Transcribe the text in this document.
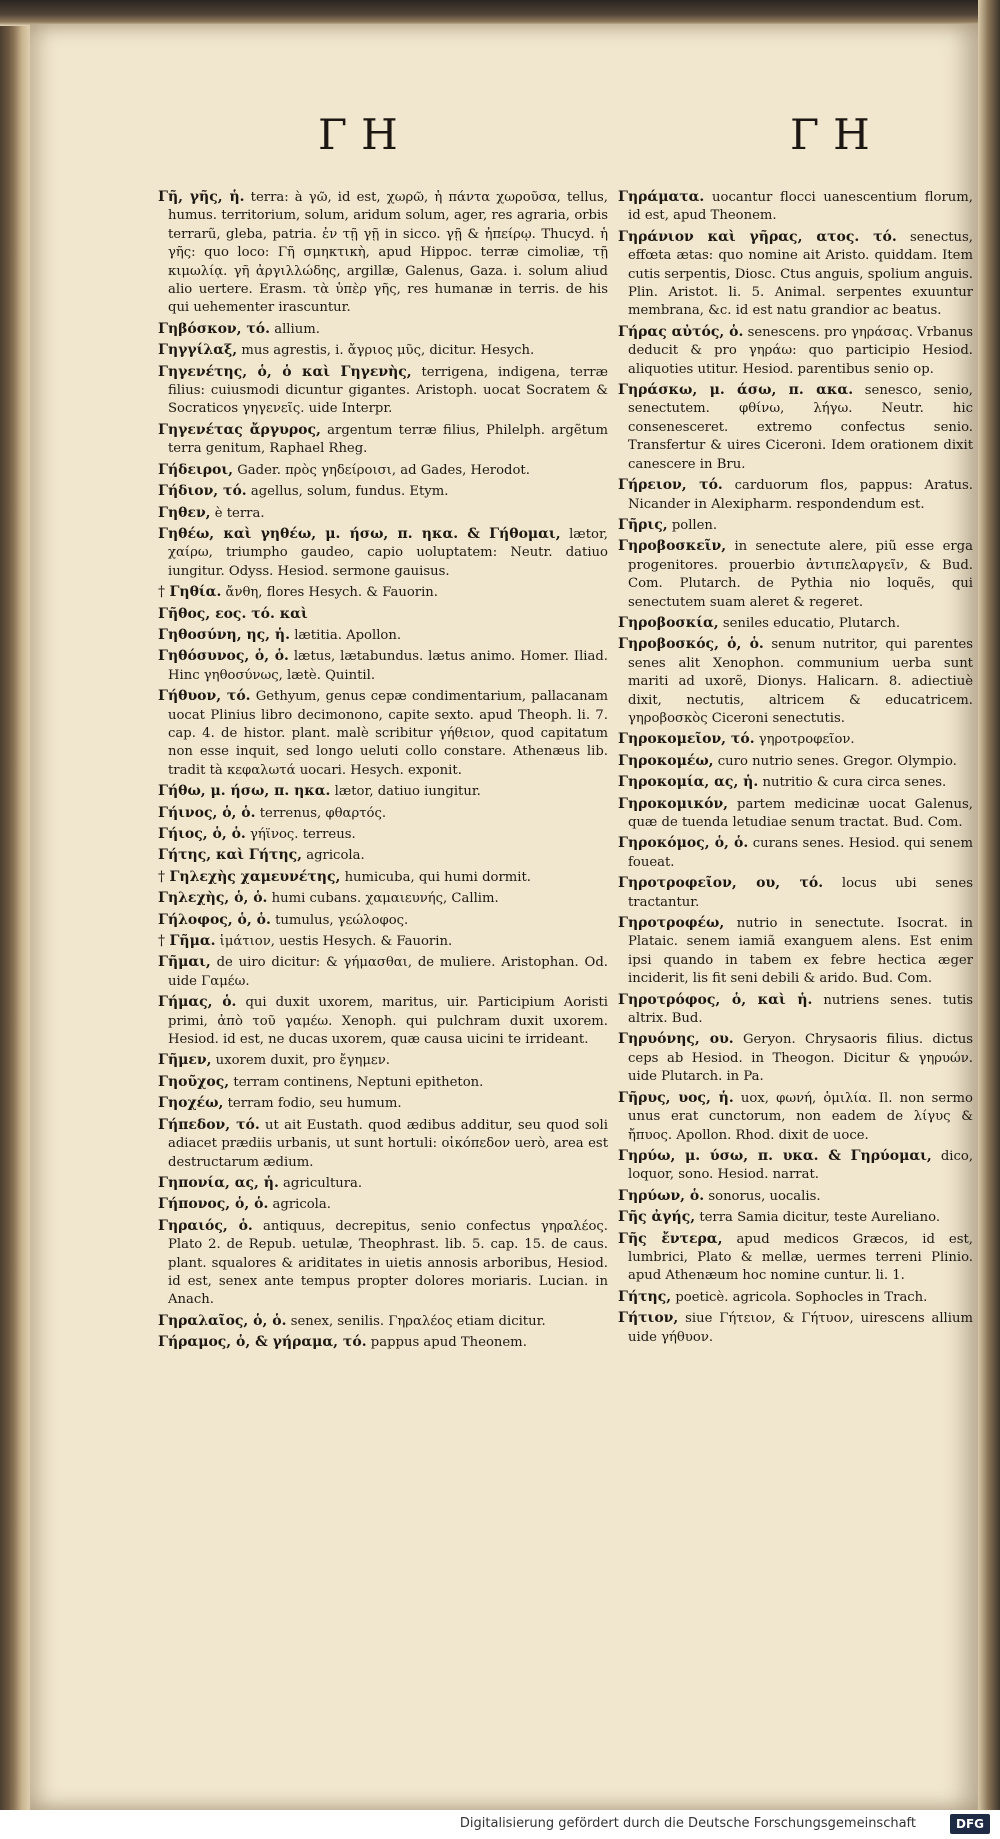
ΓΗ	ΓΗ

Γῆ, γῆς, ἡ. terra: à γῶ, id est, χωρῶ, ἡ πάντα χωροῦσα, tellus, humus. territorium, solum, aridum solum, ager, res agraria, orbis terrarũ, gleba, patria. ἐν τῇ γῇ in sicco. γῇ & ἠπείρῳ. Thucyd. ἡ γῆς: quo loco: Γῆ σμηκτικὴ, apud Hippoc. terræ cimoliæ, τῇ κιμωλίᾳ. γῆ ἀργιλλώδης, argillæ, Galenus, Gaza. i. solum aliud alio uertere. Erasm. τὰ ὑπὲρ γῆς, res humanæ in terris. de his qui uehementer irascuntur.

Γηβόσκον, τό. allium.

Γηγγίλαξ, mus agrestis, i. ἄγριος μῦς, dicitur. Hesych.

Γηγενέτης, ὁ, ὁ καὶ Γηγενὴς, terrigena, indigena, terræ filius: cuiusmodi dicuntur gigantes. Aristoph. uocat Socratem & Socraticos γηγενεῖς. uide Interpr.

Γηγενέτας ἄργυρος, argentum terræ filius, Philelph. argẽtum terra genitum, Raphael Rheg.

Γήδειροι, Gader. πρὸς γηδείροισι, ad Gades, Herodot.

Γήδιον, τό. agellus, solum, fundus. Etym.

Γηθεν, è terra.

Γηθέω, καὶ γηθέω, μ. ήσω, π. ηκα. & Γήθομαι, lætor, χαίρω, triumpho gaudeo, capio uoluptatem: Neutr. datiuo iungitur. Odyss. Hesiod. sermone gauisus.

† Γηθία. ἄνθη, flores Hesych. & Fauorin.

Γῆθος, εος. τό. καὶ

Γηθοσύνη, ης, ἡ. lætitia. Apollon.

Γηθόσυνος, ὁ, ὁ. lætus, lætabundus. lætus animo. Homer. Iliad. Hinc γηθοσύνως, lætè. Quintil.

Γήθυον, τό. Gethyum, genus cepæ condimentarium, pallacanam uocat Plinius libro decimonono, capite sexto. apud Theoph. li. 7. cap. 4. de histor. plant. malè scribitur γήθειον, quod capitatum non esse inquit, sed longo ueluti collo constare. Athenæus lib. tradit tà κεφαλωτά uocari. Hesych. exponit.

Γήθω, μ. ήσω, π. ηκα. lætor, datiuo iungitur.

Γήινος, ὁ, ὁ. terrenus, φθαρτός.

Γήιος, ὁ, ὁ. γήϊνος. terreus.

Γήτης, καὶ Γήτης, agricola.

† Γηλεχὴς χαμευνέτης, humicuba, qui humi dormit.

Γηλεχὴς, ὁ, ὁ. humi cubans. χαμαιευνής, Callim.

Γήλοφος, ὁ, ὁ. tumulus, γεώλοφος.

† Γῆμα. ἱμάτιον, uestis Hesych. & Fauorin.

Γῆμαι, de uiro dicitur: & γήμασθαι, de muliere. Aristophan. Od. uide Γαμέω.

Γήμας, ὁ. qui duxit uxorem, maritus, uir. Participium Aoristi primi, ἀπὸ τοῦ γαμέω. Xenoph. qui pulchram duxit uxorem. Hesiod. id est, ne ducas uxorem, quæ causa uicini te irrideant.

Γῆμεν, uxorem duxit, pro ἔγημεν.

Γηοῦχος, terram continens, Neptuni epitheton.

Γηοχέω, terram fodio, seu humum.

Γήπεδον, τό. ut ait Eustath. quod ædibus additur, seu quod soli adiacet prædiis urbanis, ut sunt hortuli: οἰκόπεδον uerò, area est destructarum ædium.

Γηπονία, ας, ἡ. agricultura.

Γήπονος, ὁ, ὁ. agricola.

Γηραιός, ὁ. antiquus, decrepitus, senio confectus γηραλέος. Plato 2. de Repub. uetulæ, Theophrast. lib. 5. cap. 15. de caus. plant. squalores & ariditates in uietis annosis arboribus, Hesiod. id est, senex ante tempus propter dolores moriaris. Lucian. in Anach.

Γηραλαῖος, ὁ, ὁ. senex, senilis. Γηραλέος etiam dicitur.

Γήραμος, ὁ, & γήραμα, τό. pappus apud Theonem.

Γηράματα. uocantur flocci uanescentium florum, id est, apud Theonem.

Γηράνιον καὶ γῆρας, ατος. τό. senectus, effœta ætas: quo nomine ait Aristo. quiddam. Item cutis serpentis, Diosc. Ctus anguis, spolium anguis. Plin. Aristot. li. 5. Animal. serpentes exuuntur membrana, &c. id est natu grandior ac beatus.

Γήρας αὐτός, ὁ. senescens. pro γηράσας. Vrbanus deducit & pro γηράω: quo participio Hesiod. aliquoties utitur. Hesiod. parentibus senio op.

Γηράσκω, μ. άσω, π. ακα. senesco, senio, senectutem. φθίνω, λήγω. Neutr. hic consenesceret. extremo confectus senio. Transfertur & uires Ciceroni. Idem orationem dixit canescere in Bru.

Γήρειον, τό. carduorum flos, pappus: Aratus. Nicander in Alexipharm. respondendum est.

Γῆρις, pollen.

Γηροβοσκεῖν, in senectute alere, piũ esse erga progenitores. prouerbio ἀντιπελαργεῖν, & Bud. Com. Plutarch. de Pythia nio loquẽs, qui senectutem suam aleret & regeret.

Γηροβοσκία, seniles educatio, Plutarch.

Γηροβοσκός, ὁ, ὁ. senum nutritor, qui parentes senes alit Xenophon. communium uerba sunt mariti ad uxorẽ, Dionys. Halicarn. 8. adiectiuè dixit, nectutis, altricem & educatricem. γηροβοσκὸς Ciceroni senectutis.

Γηροκομεῖον, τό. γηροτροφεῖον.

Γηροκομέω, curo nutrio senes. Gregor. Olympio.

Γηροκομία, ας, ἡ. nutritio & cura circa senes.

Γηροκομικόν, partem medicinæ uocat Galenus, quæ de tuenda letudiae senum tractat. Bud. Com.

Γηροκόμος, ὁ, ὁ. curans senes. Hesiod. qui senem foueat.

Γηροτροφεῖον, ου, τό. locus ubi senes tractantur.

Γηροτροφέω, nutrio in senectute. Isocrat. in Plataic. senem iamiã exanguem alens. Est enim ipsi quando in tabem ex febre hectica æger inciderit, lis fit seni debili & arido. Bud. Com.

Γηροτρόφος, ὁ, καὶ ἡ. nutriens senes. tutis altrix. Bud.

Γηρυόνης, ου. Geryon. Chrysaoris filius. dictus ceps ab Hesiod. in Theogon. Dicitur & γηρυών. uide Plutarch. in Pa.

Γῆρυς, υος, ἡ. uox, φωνή, ὁμιλία. Il. non sermo unus erat cunctorum, non eadem de λίγυς & ἤπυος. Apollon. Rhod. dixit de uoce.

Γηρύω, μ. ύσω, π. υκα. & Γηρύομαι, dico, loquor, sono. Hesiod. narrat.

Γηρύων, ὁ. sonorus, uocalis.

Γῆς ἀγής, terra Samia dicitur, teste Aureliano.

Γῆς ἔντερα, apud medicos Græcos, id est, lumbrici, Plato & mellæ, uermes terreni Plinio. apud Athenæum hoc nomine cuntur. li. 1.

Γήτης, poeticè. agricola. Sophocles in Trach.

Γήτιον, siue Γήτειον, & Γήτυον, uirescens allium uide γήθυον.

Digitalisierung gefördert durch die Deutsche Forschungsgemeinschaft	DFG
